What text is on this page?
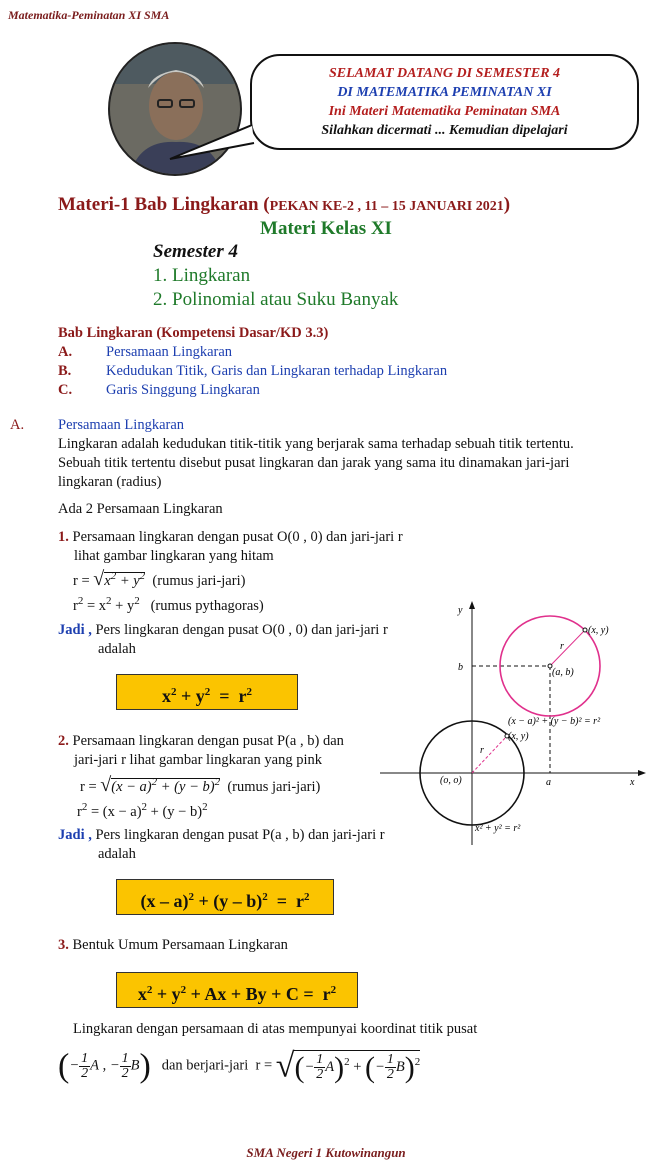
Matematika-Peminatan XI SMA
SELAMAT DATANG DI SEMESTER 4
DI MATEMATIKA PEMINATAN XI
Ini Materi Matematika Peminatan SMA
Silahkan dicermati ... Kemudian dipelajari
Materi-1 Bab Lingkaran (PEKAN KE-2 , 11 – 15 JANUARI 2021)
Materi Kelas XI
Semester 4
1. Lingkaran
2. Polinomial atau Suku Banyak
Bab Lingkaran (Kompetensi Dasar/KD 3.3)
A. Persamaan Lingkaran
B. Kedudukan Titik, Garis dan Lingkaran terhadap Lingkaran
C. Garis Singgung Lingkaran
A. Persamaan Lingkaran
Lingkaran adalah kedudukan titik-titik yang berjarak sama terhadap sebuah titik tertentu.
Sebuah titik tertentu disebut pusat lingkaran dan jarak yang sama itu dinamakan jari-jari
lingkaran (radius)
Ada 2 Persamaan Lingkaran
1. Persamaan lingkaran dengan pusat O(0 , 0) dan jari-jari r
lihat gambar lingkaran yang hitam
$r = √x^2 + y^2$ (rumus jari-jari)
$r^2 = x^2 + y^2$ (rumus pythagoras)
Jadi , Pers lingkaran dengan pusat O(0 , 0) dan jari-jari r
adalah
$x^2 + y^2 = r^2$
2. Persamaan lingkaran dengan pusat P(a , b) dan
jari-jari r lihat gambar lingkaran yang pink
$r = √(x - a)^2 + (y - b)^2$ (rumus jari-jari)
$r^2 = (x - a)^2 + (y - b)^2$
Jadi , Pers lingkaran dengan pusat P(a , b) dan jari-jari r
adalah
$(x - a)^2 + (y - b)^2 = r^2$
3. Bentuk Umum Persamaan Lingkaran
$x^2 + y^2 + Ax + By + C = r^2$
Lingkaran dengan persamaan di atas mempunyai koordinat titik pusat
(− $\frac{1}{2}$ A , − $\frac{1}{2} B$) dan berjari-jari  r = √(− $\frac{1}{2} A)^2$ + (− $\frac{1}{2} B)^2$
y
x
b
a
(x, y)
(a, b)
r
(x − a)² + (y − b)² = r²
(x, y)
r
(o, o)
x² + y² = r²
SMA Negeri 1 Kutowinangun
